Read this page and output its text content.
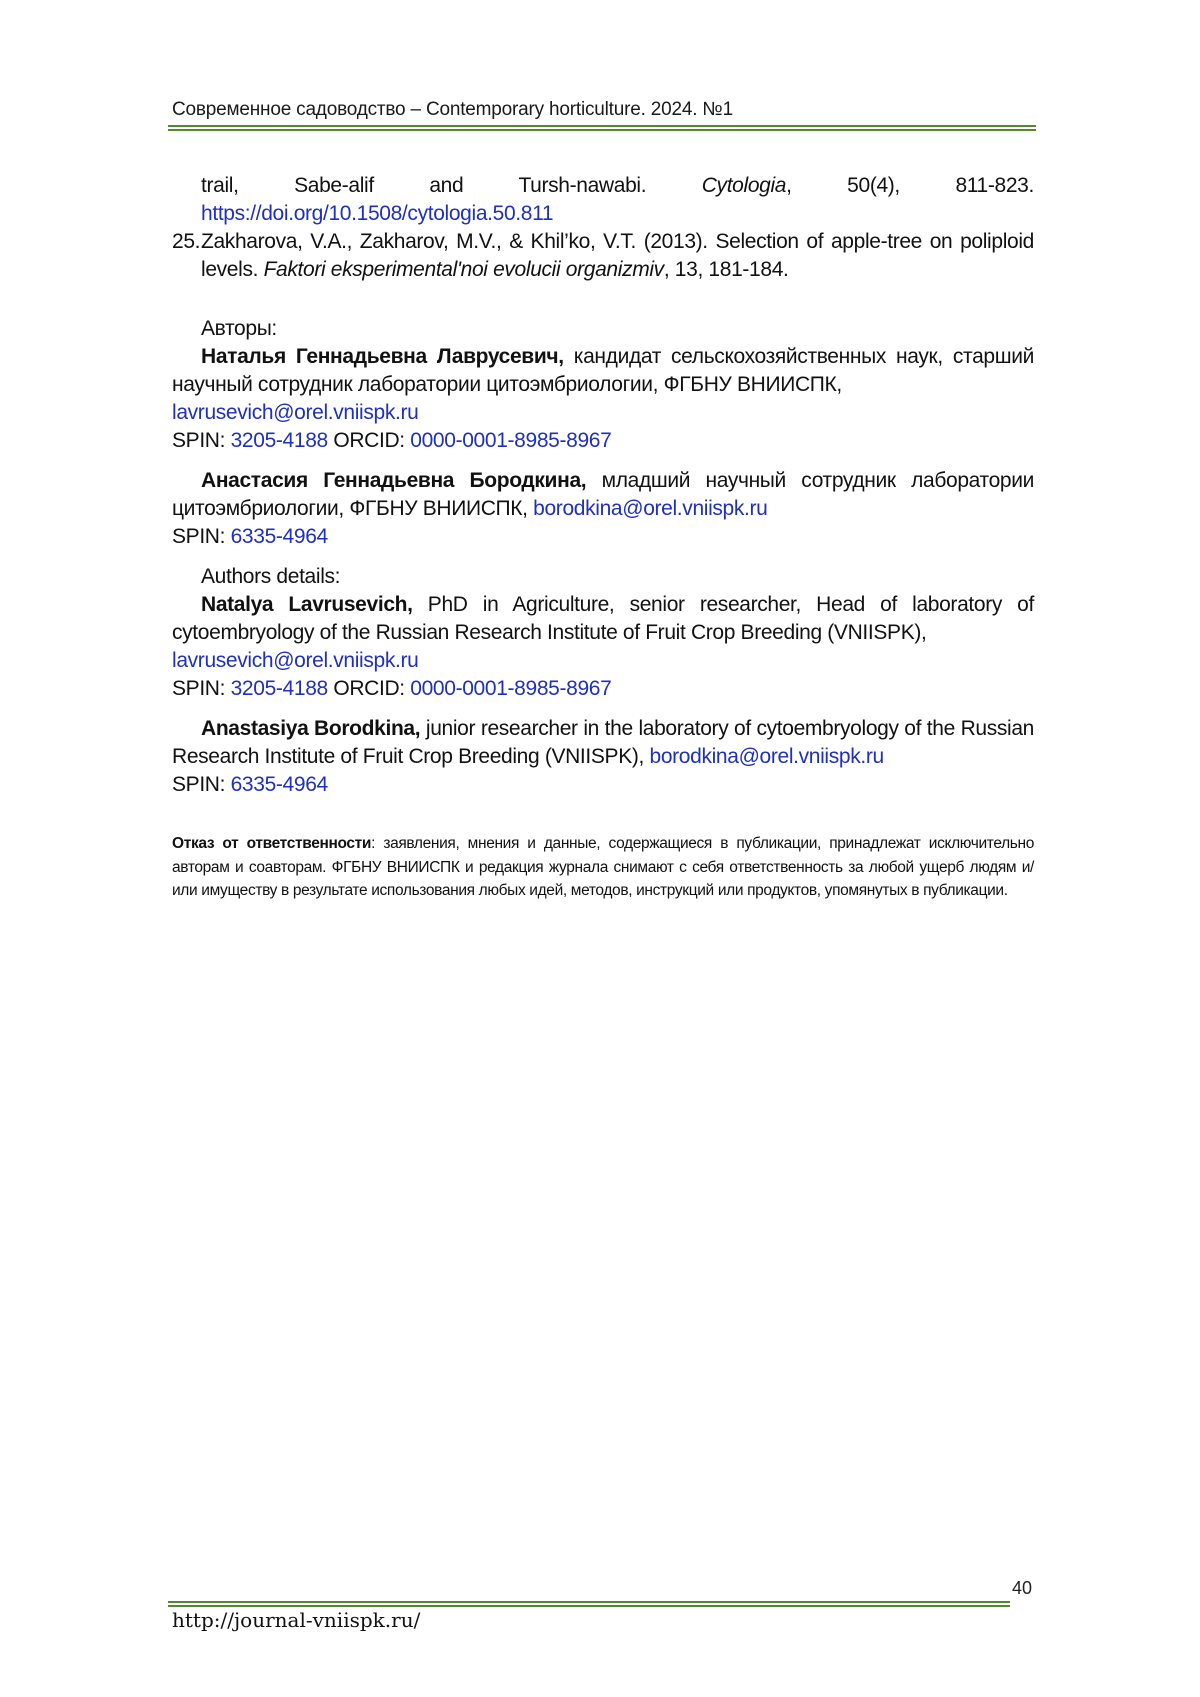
Современное садоводство – Contemporary horticulture. 2024. №1

trail,	Sabe-alif	and	Tursh-nawabi.	Cytologia,	50(4),	811-823.

https://doi.org/10.1508/cytologia.50.811

25.Zakharova, V.A., Zakharov, M.V., & Khil’ko, V.T. (2013). Selection of apple-tree on poliploid levels. Faktori eksperimental'noi evolucii organizmiv, 13, 181-184.

Авторы:

Наталья Геннадьевна Лаврусевич, кандидат сельскохозяйственных наук, старший научный сотрудник лаборатории цитоэмбриологии, ФГБНУ ВНИИСПК,
lavrusevich@orel.vniispk.ru

SPIN: 3205-4188 ORCID: 0000-0001-8985-8967

Анастасия Геннадьевна Бородкина, младший научный сотрудник лаборатории цитоэмбриологии, ФГБНУ ВНИИСПК, borodkina@orel.vniispk.ru

SPIN: 6335-4964

Authors details:

Natalya Lavrusevich, PhD in Agriculture, senior researcher, Head of laboratory of cytoembryology of the Russian Research Institute of Fruit Crop Breeding (VNIISPK),
lavrusevich@orel.vniispk.ru

SPIN: 3205-4188 ORCID: 0000-0001-8985-8967

Anastasiya Borodkina, junior researcher in the laboratory of cytoembryology of the Russian Research Institute of Fruit Crop Breeding (VNIISPK), borodkina@orel.vniispk.ru

SPIN: 6335-4964

Отказ от ответственности: заявления, мнения и данные, содержащиеся в публикации, принадлежат исключительно авторам и соавторам. ФГБНУ ВНИИСПК и редакция журнала снимают с себя ответственность за любой ущерб людям и/или имуществу в результате использования любых идей, методов, инструкций или продуктов, упомянутых в публикации.
40
http://journal-vniispk.ru/
